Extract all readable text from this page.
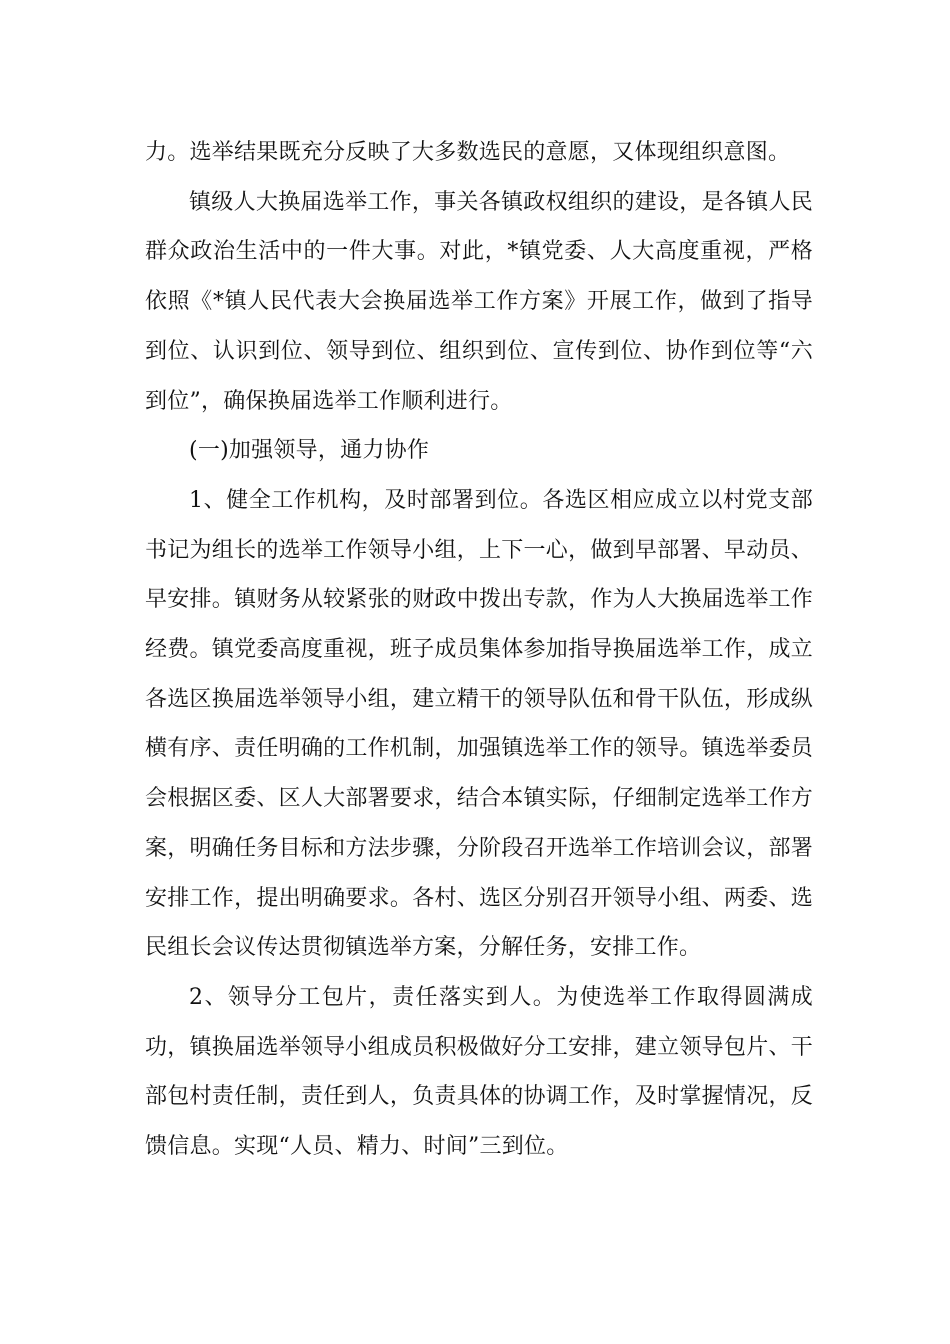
力。选举结果既充分反映了大多数选民的意愿，又体现组织意图。

镇级人大换届选举工作，事关各镇政权组织的建设，是各镇人民群众政治生活中的一件大事。对此，*镇党委、人大高度重视，严格依照《*镇人民代表大会换届选举工作方案》开展工作，做到了指导到位、认识到位、领导到位、组织到位、宣传到位、协作到位等“六到位”，确保换届选举工作顺利进行。

(一)加强领导，通力协作

1、健全工作机构，及时部署到位。各选区相应成立以村党支部书记为组长的选举工作领导小组，上下一心，做到早部署、早动员、早安排。镇财务从较紧张的财政中拨出专款，作为人大换届选举工作经费。镇党委高度重视，班子成员集体参加指导换届选举工作，成立各选区换届选举领导小组，建立精干的领导队伍和骨干队伍，形成纵横有序、责任明确的工作机制，加强镇选举工作的领导。镇选举委员会根据区委、区人大部署要求，结合本镇实际，仔细制定选举工作方案，明确任务目标和方法步骤，分阶段召开选举工作培训会议，部署安排工作，提出明确要求。各村、选区分别召开领导小组、两委、选民组长会议传达贯彻镇选举方案，分解任务，安排工作。

2、领导分工包片，责任落实到人。为使选举工作取得圆满成功，镇换届选举领导小组成员积极做好分工安排，建立领导包片、干部包村责任制，责任到人，负责具体的协调工作，及时掌握情况，反馈信息。实现“人员、精力、时间”三到位。
